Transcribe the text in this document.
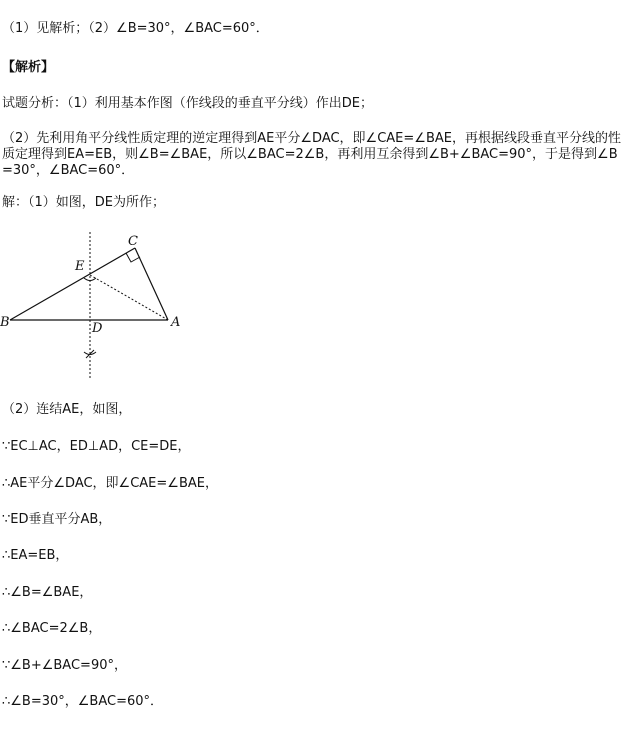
（1）见解析；（2）∠B=30°，∠BAC=60°．
【解析】
试题分析：（1）利用基本作图（作线段的垂直平分线）作出DE；
（2）先利用角平分线性质定理的逆定理得到AE平分∠DAC，即∠CAE=∠BAE，再根据线段垂直平分线的性质定理得到EA=EB，则∠B=∠BAE，所以∠BAC=2∠B，再利用互余得到∠B+∠BAC=90°，于是得到∠B=30°，∠BAC=60°．
解：（1）如图，DE为所作；
C
E
B	D	A
（2）连结AE，如图，
∵EC⊥AC，ED⊥AD，CE=DE，
∴AE平分∠DAC，即∠CAE=∠BAE，
∵ED垂直平分AB，
∴EA=EB，
∴∠B=∠BAE，
∴∠BAC=2∠B，
∵∠B+∠BAC=90°，
∴∠B=30°，∠BAC=60°．
